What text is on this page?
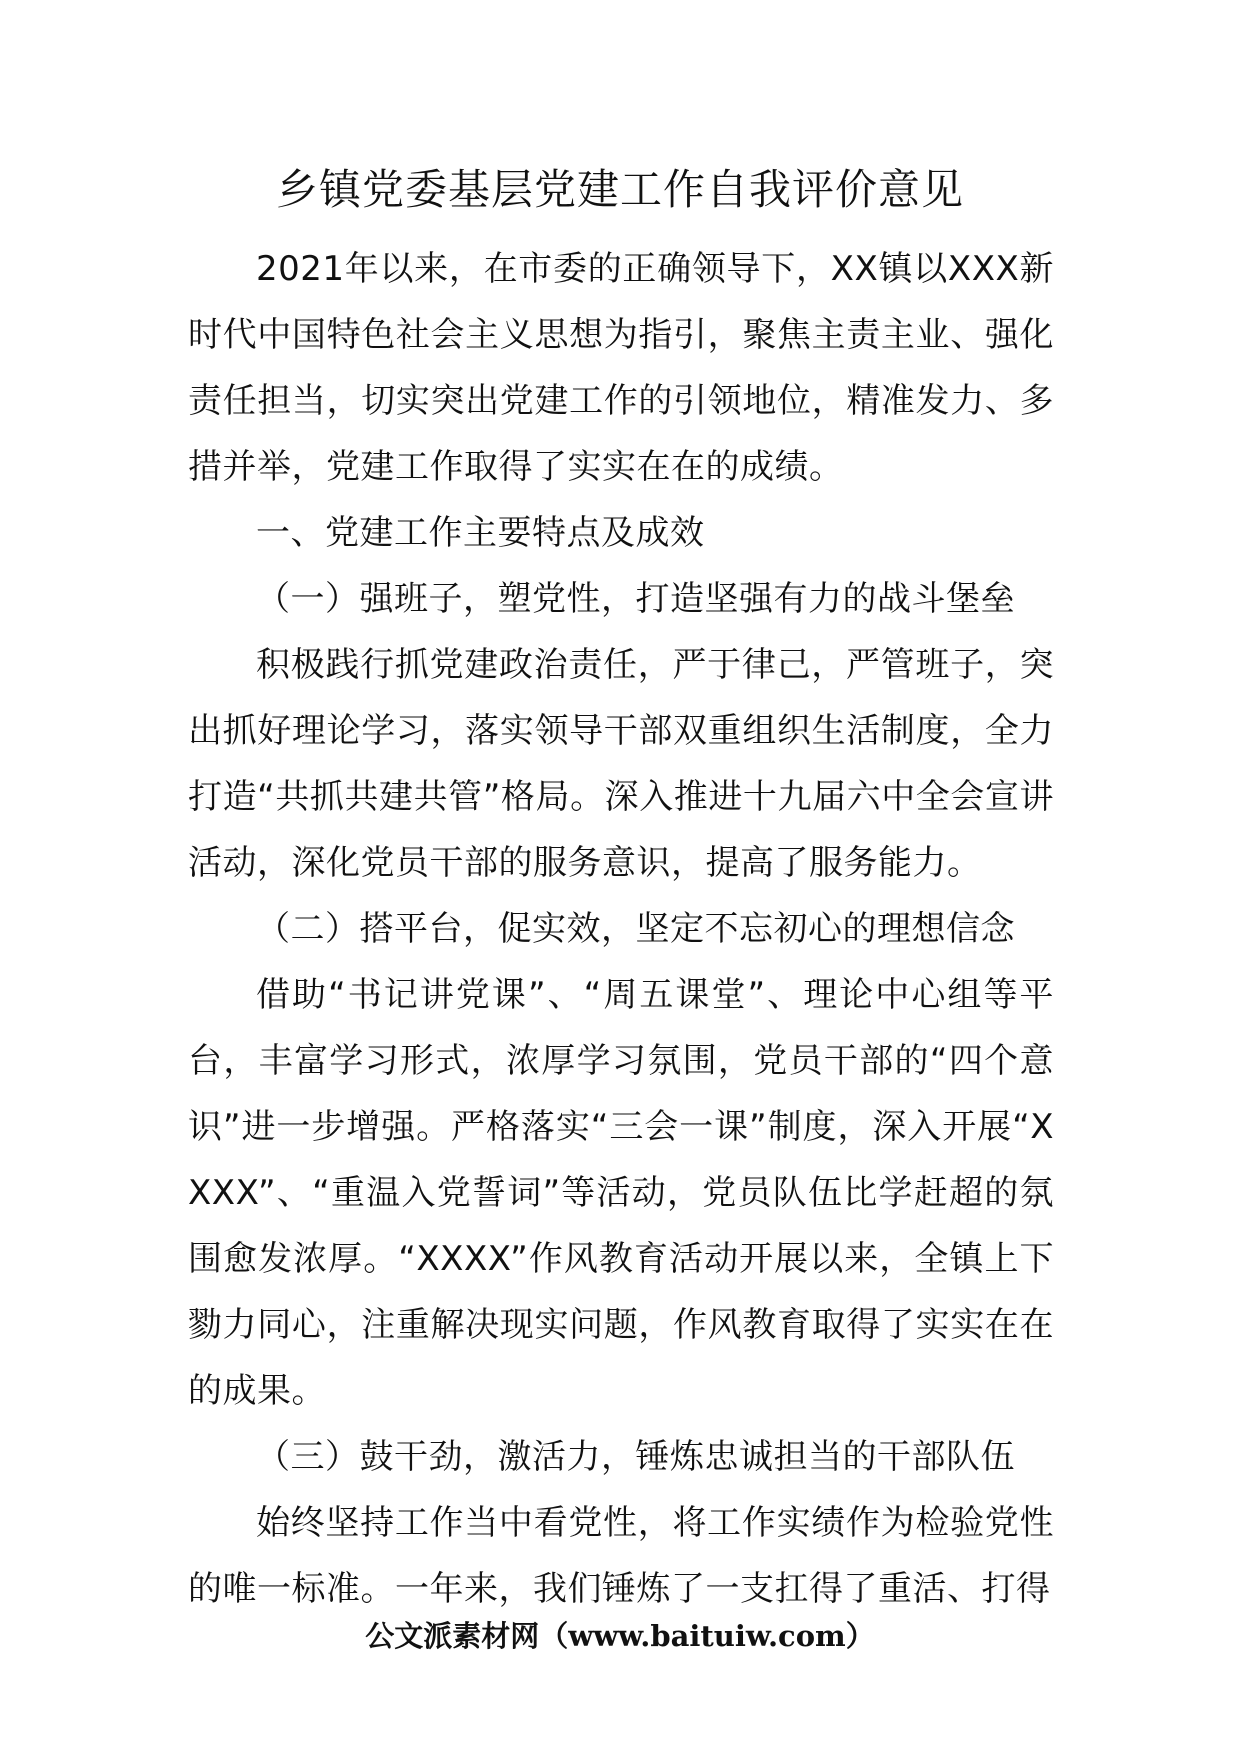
乡镇党委基层党建工作自我评价意见

2021年以来，在市委的正确领导下，XX镇以XXX新时代中国特色社会主义思想为指引，聚焦主责主业、强化责任担当，切实突出党建工作的引领地位，精准发力、多措并举，党建工作取得了实实在在的成绩。

一、党建工作主要特点及成效

（一）强班子，塑党性，打造坚强有力的战斗堡垒

积极践行抓党建政治责任，严于律己，严管班子，突出抓好理论学习，落实领导干部双重组织生活制度，全力打造“共抓共建共管”格局。深入推进十九届六中全会宣讲活动，深化党员干部的服务意识，提高了服务能力。

（二）搭平台，促实效，坚定不忘初心的理想信念

借助“书记讲党课”、“周五课堂”、理论中心组等平台，丰富学习形式，浓厚学习氛围，党员干部的“四个意识”进一步增强。严格落实“三会一课”制度，深入开展“XXXX”、“重温入党誓词”等活动，党员队伍比学赶超的氛围愈发浓厚。“XXXX”作风教育活动开展以来，全镇上下勠力同心，注重解决现实问题，作风教育取得了实实在在的成果。

（三）鼓干劲，激活力，锤炼忠诚担当的干部队伍

始终坚持工作当中看党性，将工作实绩作为检验党性的唯一标准。一年来，我们锤炼了一支扛得了重活、打得

公文派素材网（www.baituiw.com）
